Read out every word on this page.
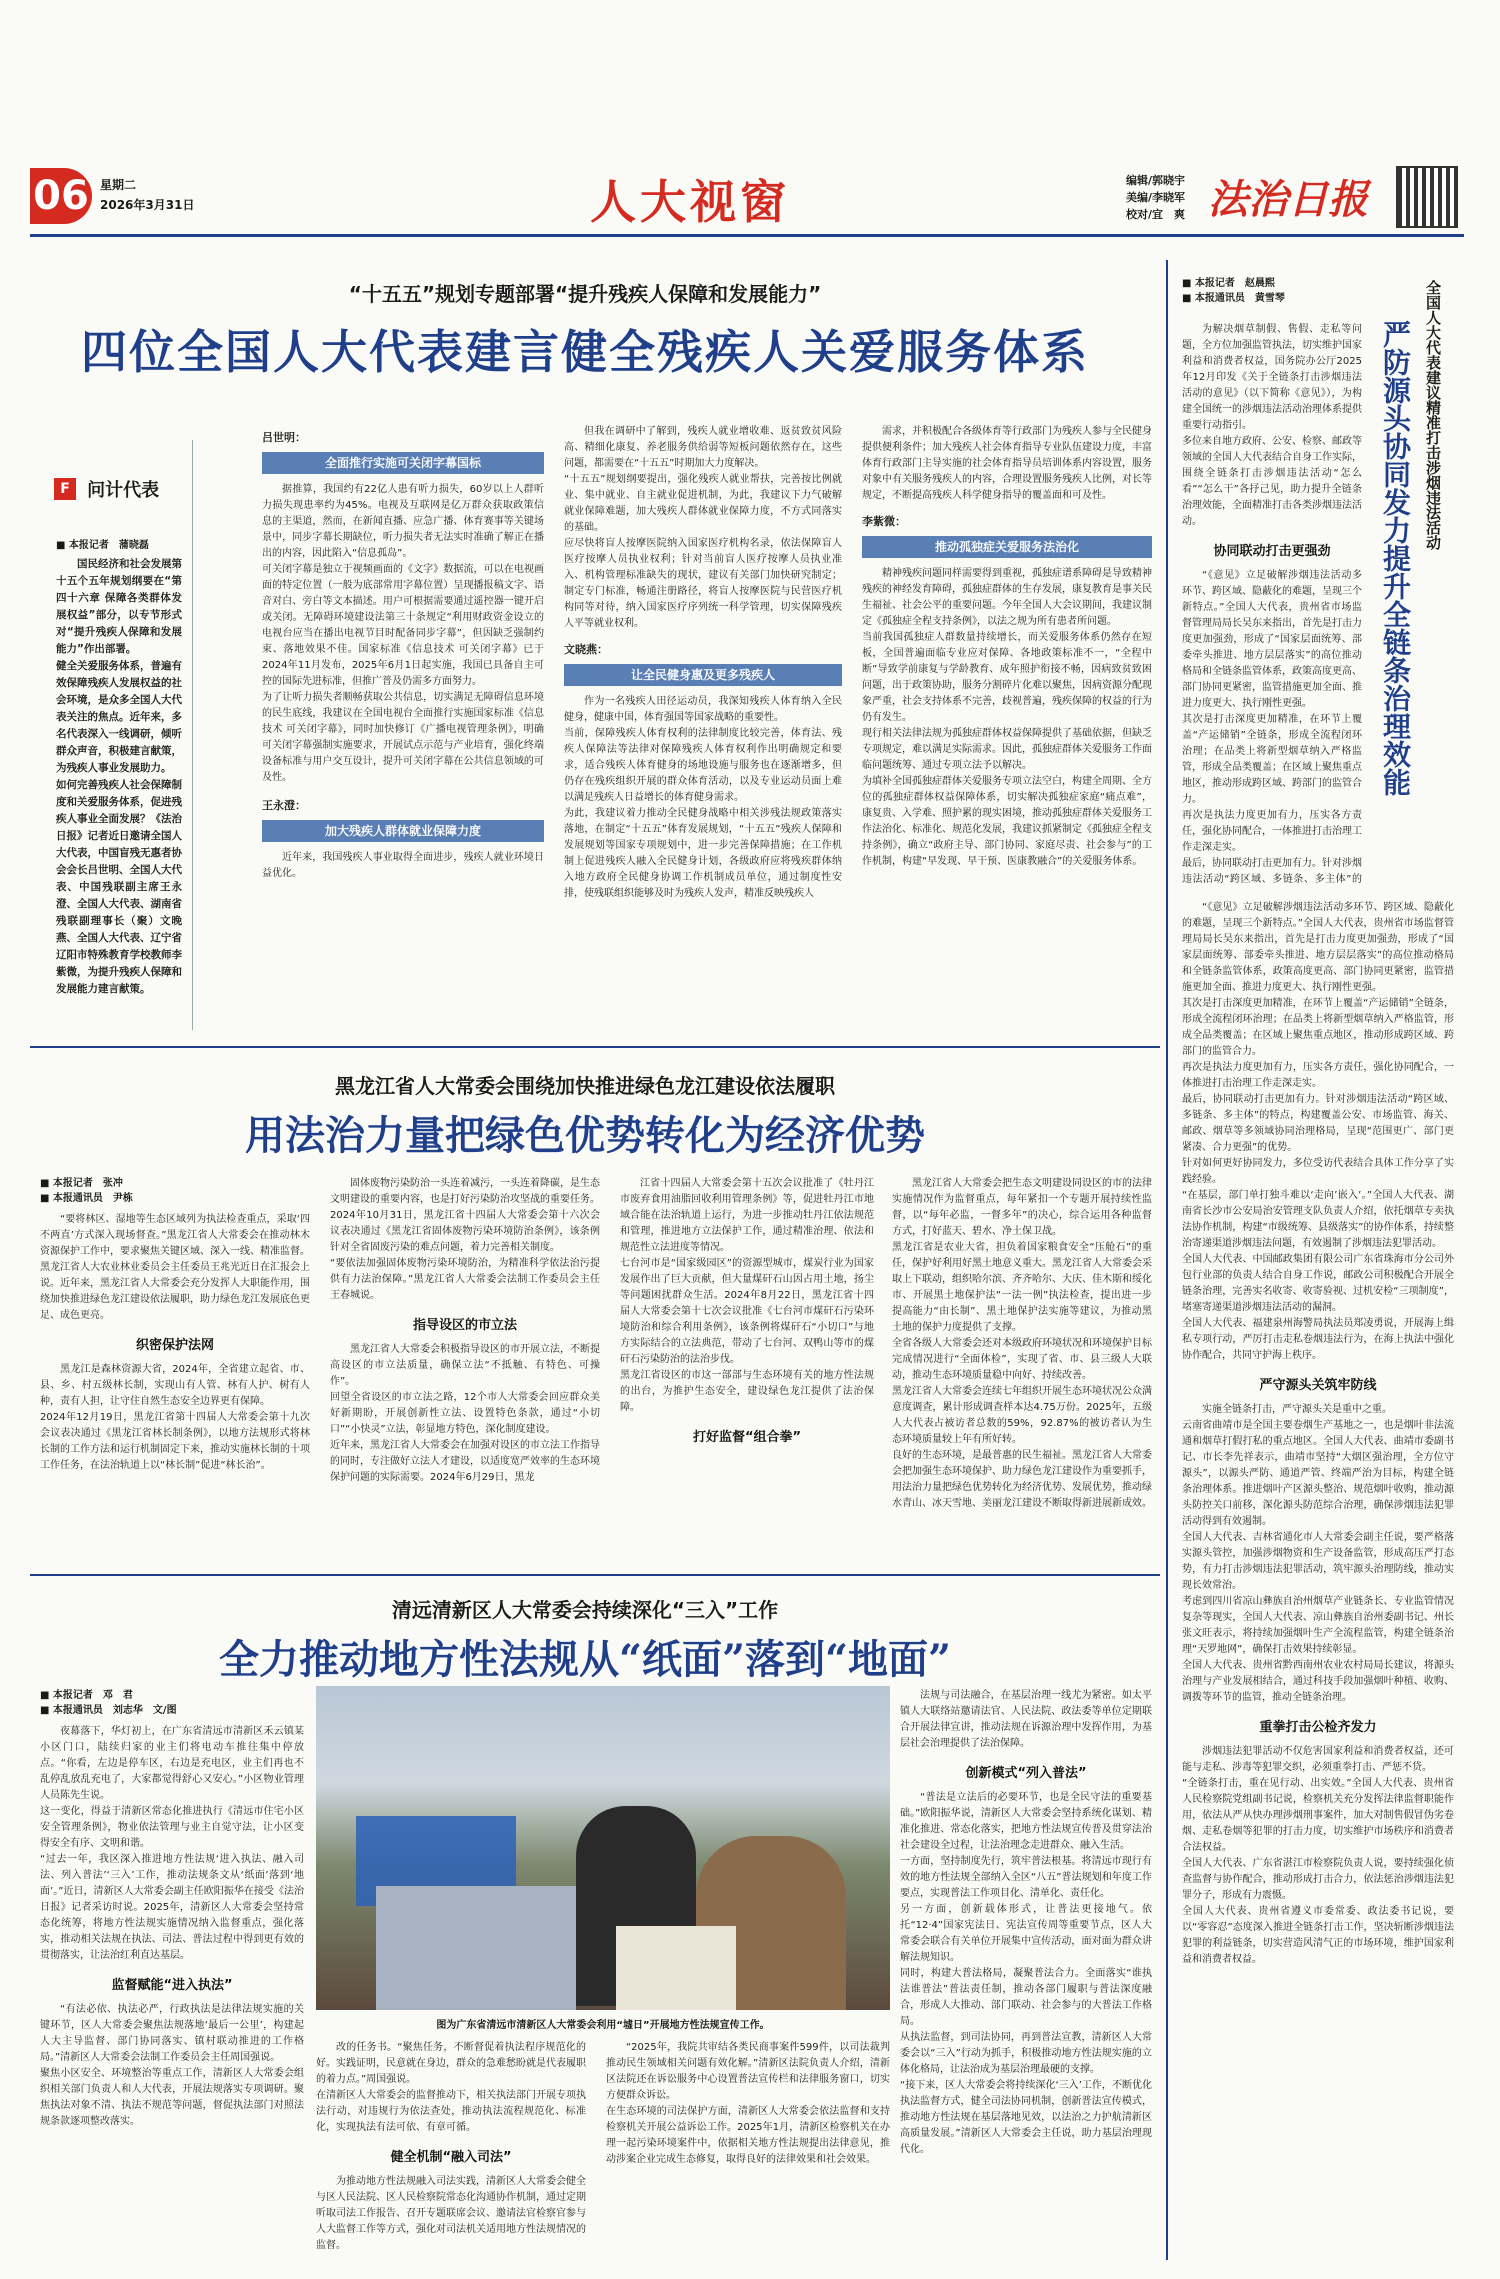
06 星期二
2026年3月31日	人大视窗	编辑/郭晓宇
美编/李晓军
校对/宜　爽 法治日报
“十五五”规划专题部署“提升残疾人保障和发展能力”
四位全国人大代表建言健全残疾人关爱服务体系
F 问计代表
■ 本报记者　蒲晓磊
国民经济和社会发展第十五个五年规划纲要在“第四十六章 保障各类群体发展权益”部分，以专节形式对“提升残疾人保障和发展能力”作出部署。
健全关爱服务体系，普遍有效保障残疾人发展权益的社会环境，是众多全国人大代表关注的焦点。近年来，多名代表深入一线调研，倾听群众声音，积极建言献策，为残疾人事业发展助力。
如何完善残疾人社会保障制度和关爱服务体系，促进残疾人事业全面发展？《法治日报》记者近日邀请全国人大代表，中国盲残无惠者协会会长吕世明、全国人大代表、中国残联副主席王永澄、全国人大代表、湖南省残联副理事长（聚）文晚燕、全国人大代表、辽宁省辽阳市特殊教育学校教师李紫微，为提升残疾人保障和发展能力建言献策。
吕世明：
全面推行实施可关闭字幕国标
据推算，我国约有22亿人患有听力损失，60岁以上人群听力损失现患率约为45%。电视及互联网是亿万群众获取政策信息的主渠道，然而，在新闻直播、应急广播、体育赛事等关键场景中，同步字幕长期缺位，听力损失者无法实时准确了解正在播出的内容，因此陷入“信息孤岛”。
可关闭字幕是独立于视频画面的《文字》数据流，可以在电视画面的特定位置（一般为底部常用字幕位置）呈现播报稿文字、语音对白、旁白等文本描述。用户可根据需要通过遥控器一键开启或关闭。无障碍环境建设法第三十条规定“利用财政资金设立的电视台应当在播出电视节目时配备同步字幕”，但因缺乏强制约束、落地效果不佳。国家标准《信息技术 可关闭字幕》已于2024年11月发布，2025年6月1日起实施，我国已具备自主可控的国际先进标准，但推广普及仍需多方面努力。
为了让听力损失者顺畅获取公共信息，切实满足无障碍信息环境的民生底线，我建议在全国电视台全面推行实施国家标准《信息技术 可关闭字幕》，同时加快修订《广播电视管理条例》，明确可关闭字幕强制实施要求，开展试点示范与产业培育，强化终端设备标准与用户交互设计，提升可关闭字幕在公共信息领域的可及性。
王永澄：
加大残疾人群体就业保障力度
近年来，我国残疾人事业取得全面进步，残疾人就业环境日益优化。
但我在调研中了解到，残疾人就业增收难、返贫致贫风险高、精细化康复、养老服务供给弱等短板问题依然存在，这些问题，都需要在“十五五”时期加大力度解决。
“十五五”规划纲要提出，强化残疾人就业帮扶，完善按比例就业、集中就业、自主就业促进机制，为此，我建议下力气破解就业保障难题，加大残疾人群体就业保障力度，不方式同落实的基础。
应尽快将盲人按摩医院纳入国家医疗机构名录，依法保障盲人医疗按摩人员执业权利；针对当前盲人医疗按摩人员执业准入、机构管理标准缺失的现状，建议有关部门加快研究制定；制定专门标准，畅通注册路径，将盲人按摩医院与民营医疗机构同等对待，纳入国家医疗序列统一科学管理，切实保障残疾人平等就业权利。
文晓燕：
让全民健身惠及更多残疾人
作为一名残疾人田径运动员，我深知残疾人体育纳入全民健身，健康中国，体育强国等国家战略的重要性。
当前，保障残疾人体育权利的法律制度比较完善，体育法、残疾人保障法等法律对保障残疾人体育权利作出明确规定和要求，适合残疾人体育健身的场地设施与服务也在逐渐增多，但仍存在残疾组织开展的群众体育活动，以及专业运动员面上难以满足残疾人日益增长的体育健身需求。
为此，我建议着力推动全民健身战略中相关涉残法规政策落实落地，在制定“十五五”体育发展规划，“十五五”残疾人保障和发展规划等国家专项规划中，进一步完善保障措施；在工作机制上促进残疾人融入全民健身计划，各级政府应将残疾群体纳入地方政府全民健身协调工作机制成员单位，通过制度性安排，使残联组织能够及时为残疾人发声，精准反映残疾人
需求，并积极配合各级体育等行政部门为残疾人参与全民健身提供便利条件；加大残疾人社会体育指导专业队伍建设力度，丰富体育行政部门主导实施的社会体育指导员培训体系内容设置，服务对象中有关服务残疾人的内容，合理设置服务残疾人比例，对长等规定，不断提高残疾人科学健身指导的覆盖面和可及性。
李紫微：
推动孤独症关爱服务法治化
精神残疾问题同样需要得到重视，孤独症谱系障碍是导致精神残疾的神经发育障碍，孤独症群体的生存发展，康复教育是事关民生福祉、社会公平的重要问题。今年全国人大会议期间，我建议制定《孤独症全程支持条例》，以法之规为所有患者所问题。
当前我国孤独症人群数量持续增长，而关爱服务体系仍然存在短板，全国普遍面临专业应对保障、各地政策标准不一，“全程中断”导致学前康复与学龄教育、成年照护衔接不畅，因病致贫致困问题，出于政策协助，服务分割碎片化难以聚焦，因病资源分配现象严重，社会支持体系不完善，歧视普遍，残疾保障的权益的行为仍有发生。
现行相关法律法规为孤独症群体权益保障提供了基础依据，但缺乏专项规定，难以满足实际需求。因此，孤独症群体关爱服务工作面临问题统筹、通过专项立法予以解决。
为填补全国孤独症群体关爱服务专项立法空白，构建全周期、全方位的孤独症群体权益保障体系，切实解决孤独症家庭“痛点难”，康复贵、入学难、照护累的现实困境，推动孤独症群体关爱服务工作法治化、标准化、规范化发展，我建议抓紧制定《孤独症全程支持条例》，确立“政府主导、部门协同、家庭尽责、社会参与”的工作机制，构建“早发现、早干预、医康教融合”的关爱服务体系。
黑龙江省人大常委会围绕加快推进绿色龙江建设依法履职
用法治力量把绿色优势转化为经济优势
■ 本报记者　张冲
■ 本报通讯员　尹栋
“要将林区、湿地等生态区域列为执法检查重点，采取‘四不两直’方式深入现场督查。”黑龙江省人大常委会在推动林木资源保护工作中，要求聚焦关键区域、深入一线、精准监督。黑龙江省人大农业林业委员会主任委员王兆光近日在汇报会上说。近年来，黑龙江省人大常委会充分发挥人大职能作用，围绕加快推进绿色龙江建设依法履职，助力绿色龙江发展底色更足、成色更亮。
织密保护法网
黑龙江是森林资源大省，2024年，全省建立起省、市、县、乡、村五级林长制，实现山有人管、林有人护、树有人种，责有人担，让守住自然生态安全边界更有保障。
2024年12月19日，黑龙江省第十四届人大常委会第十九次会议表决通过《黑龙江省林长制条例》，以地方法规形式将林长制的工作方法和运行机制固定下来，推动实施林长制的十项工作任务，在法治轨道上以“林长制”促进“林长治”。
固体废物污染防治一头连着减污，一头连着降碳，是生态文明建设的重要内容，也是打好污染防治攻坚战的重要任务。2024年10月31日，黑龙江省十四届人大常委会第十六次会议表决通过《黑龙江省固体废物污染环境防治条例》，该条例针对全省固废污染的难点问题，着力完善相关制度。
“要依法加强固体废物污染环境防治，为精准科学依法治污提供有力法治保障。”黑龙江省人大常委会法制工作委员会主任王春城说。
指导设区的市立法
黑龙江省人大常委会积极指导设区的市开展立法，不断提高设区的市立法质量，确保立法“不抵触、有特色、可操作”。
回望全省设区的市立法之路，12个市人大常委会回应群众美好新期盼，开展创新性立法、设置特色条款，通过“小切口”“小快灵”立法，彰显地方特色，深化制度建设。
近年来，黑龙江省人大常委会在加强对设区的市立法工作指导的同时，专注做好立法人才建设，以适度宽严效率的生态环境保护问题的实际需要。2024年6月29日，黑龙
江省十四届人大常委会第十五次会议批准了《牡丹江市废弃食用油脂回收利用管理条例》等，促进牡丹江市地域合能在法治轨道上运行，为进一步推动牡丹江依法规范和管理，推进地方立法保护工作，通过精准治理、依法和规范性立法进度等情况。
七台河市是“国家级园区”的资源型城市，煤炭行业为国家发展作出了巨大贡献，但大量煤矸石山因占用土地，扬尘等问题困扰群众生活。2024年8月22日，黑龙江省十四届人大常委会第十七次会议批准《七台河市煤矸石污染环境防治和综合利用条例》，该条例将煤矸石“小切口”与地方实际结合的立法典范，带动了七台河、双鸭山等市的煤矸石污染防治的法治步伐。
黑龙江省设区的市这一部部与生态环境有关的地方性法规的出台，为推护生态安全，建设绿色龙江提供了法治保障。
打好监督“组合拳”
黑龙江省人大常委会把生态文明建设同设区的市的法律实施情况作为监督重点，每年紧扣一个专题开展持续性监督，以“每年必监，一督多年”的决心，综合运用各种监督方式，打好蓝天、碧水、净土保卫战。
黑龙江省是农业大省，担负着国家粮食安全“压舱石”的重任，保护好利用好黑土地意义重大。黑龙江省人大常委会采取上下联动，组织哈尔滨、齐齐哈尔、大庆、佳木斯和绥化市、开展黑土地保护法“一法一例”执法检查，提出进一步提高能力“由长制”、黑土地保护法实施等建议，为推动黑土地的保护力度提供了支撑。
全省各级人大常委会还对本级政府环境状况和环境保护目标完成情况进行“全面体检”，实现了省、市、县三级人大联动，推动生态环境质量稳中向好、持续改善。
黑龙江省人大常委会连续七年组织开展生态环境状况公众满意度调查，累计形成调查样本达4.75万份。2025年，五级人大代表占被访者总数的59%，92.87%的被访者认为生态环境质量较上年有所好转。
良好的生态环境，是最普惠的民生福祉。黑龙江省人大常委会把加强生态环境保护、助力绿色龙江建设作为重要抓手，用法治力量把绿色优势转化为经济优势、发展优势，推动绿水青山、冰天雪地、美丽龙江建设不断取得新进展新成效。
清远清新区人大常委会持续深化“三入”工作
全力推动地方性法规从“纸面”落到“地面”
■ 本报记者　邓　君
■ 本报通讯员　刘志华　文/图
夜幕落下，华灯初上，在广东省清远市清新区禾云镇某小区门口，陆续归家的业主们将电动车推往集中停放点。“你看，左边是停车区，右边是充电区，业主们再也不乱停乱放乱充电了，大家都觉得舒心又安心。”小区物业管理人员陈先生说。
这一变化，得益于清新区常态化推进执行《清远市住宅小区安全管理条例》，物业依法管理与业主自觉守法，让小区变得安全有序、文明和谐。
“过去一年，我区深入推进地方性法规‘进入执法、融入司法、列入普法’‘三入’工作，推动法规条文从‘纸面’落到‘地面’。”近日，清新区人大常委会副主任欧阳振华在接受《法治日报》记者采访时说。2025年，清新区人大常委会坚持常态化统筹，将地方性法规实施情况纳入监督重点，强化落实，推动相关法规在执法、司法、普法过程中得到更有效的贯彻落实，让法治红利直达基层。
监督赋能“进入执法”
“有法必依、执法必严，行政执法是法律法规实施的关键环节，区人大常委会聚焦法规落地‘最后一公里’，构建起人大主导监督、部门协同落实、镇村联动推进的工作格局。”清新区人大常委会法制工作委员会主任周国强说。
聚焦小区安全、环境整治等重点工作，清新区人大常委会组织相关部门负责人和人大代表，开展法规落实专项调研。聚焦执法对象不清、执法不规范等问题，督促执法部门对照法规条款逐项整改落实。
图为广东省清远市清新区人大常委会利用“墟日”开展地方性法规宣传工作。
改的任务书。“聚焦任务，不断督促着执法程序规范化的好。实践证明，民意就在身边，群众的急难愁盼就是代表履职的着力点。”周国强说。
在清新区人大常委会的监督推动下，相关执法部门开展专项执法行动，对违规行为依法查处，推动执法流程规范化、标准化，实现执法有法可依、有章可循。
健全机制“融入司法”
为推动地方性法规融入司法实践，清新区人大常委会健全与区人民法院、区人民检察院常态化沟通协作机制，通过定期听取司法工作报告、召开专题联席会议、邀请法官检察官参与人大监督工作等方式，强化对司法机关适用地方性法规情况的监督。
“2025年，我院共审结各类民商事案件599件，以司法裁判推动民生领域相关问题有效化解。”清新区法院负责人介绍，清新区法院还在诉讼服务中心设置普法宣传栏和法律服务窗口，切实方便群众诉讼。
在生态环境的司法保护方面，清新区人大常委会依法监督和支持检察机关开展公益诉讼工作。2025年1月，清新区检察机关在办理一起污染环境案件中，依据相关地方性法规提出法律意见，推动涉案企业完成生态修复，取得良好的法律效果和社会效果。
法规与司法融合，在基层治理一线尤为紧密。如太平镇人大联络站邀请法官、人民法院、政法委等单位定期联合开展法律宣讲，推动法规在诉源治理中发挥作用，为基层社会治理提供了法治保障。
创新模式“列入普法”
“普法是立法后的必要环节，也是全民守法的重要基础。”欧阳振华说，清新区人大常委会坚持系统化谋划、精准化推进、常态化落实，把地方性法规宣传普及贯穿法治社会建设全过程，让法治理念走进群众、融入生活。
一方面，坚持制度先行，筑牢普法根基。将清远市现行有效的地方性法规全部纳入全区“八五”普法规划和年度工作要点，实现普法工作项目化、清单化、责任化。
另一方面，创新载体形式，让普法更接地气。依托“12·4”国家宪法日、宪法宣传周等重要节点，区人大常委会联合有关单位开展集中宣传活动，面对面为群众讲解法规知识。
同时，构建大普法格局，凝聚普法合力。全面落实“谁执法谁普法”普法责任制，推动各部门履职与普法深度融合，形成人大推动、部门联动、社会参与的大普法工作格局。
从执法监督，到司法协同，再到普法宣教，清新区人大常委会以“三入”行动为抓手，积极推动地方性法规实施的立体化格局，让法治成为基层治理最硬的支撑。
“接下来，区人大常委会将持续深化‘三入’工作，不断优化执法监督方式，健全司法协同机制，创新普法宣传模式，推动地方性法规在基层落地见效，以法治之力护航清新区高质量发展。”清新区人大常委会主任说，助力基层治理现代化。
■ 本报记者　赵晨熙
■ 本报通讯员　黄雪琴	全国人大代表建议精准打击涉烟违法活动
严防源头协同发力提升全链条治理效能
为解决烟草制假、售假、走私等问题，全方位加强监管执法，切实维护国家利益和消费者权益，国务院办公厅2025年12月印发《关于全链条打击涉烟违法活动的意见》（以下简称《意见》），为构建全国统一的涉烟违法活动治理体系提供重要行动指引。
多位来自地方政府、公安、检察、邮政等领域的全国人大代表结合自身工作实际，围绕全链条打击涉烟违法活动“怎么看”“怎么干”各抒己见，助力提升全链条治理效能，全面精准打击各类涉烟违法活动。
协同联动打击更强劲
“《意见》立足破解涉烟违法活动多环节、跨区域、隐蔽化的难题，呈现三个新特点。”全国人大代表，贵州省市场监督管理局局长吴东来指出，首先是打击力度更加强劲，形成了“国家层面统筹、部委牵头推进、地方层层落实”的高位推动格局和全链条监管体系，政策高度更高、部门协同更紧密，监管措施更加全面、推进力度更大、执行刚性更强。
其次是打击深度更加精准，在环节上覆盖“产运储销”全链条，形成全流程闭环治理；在品类上将新型烟草纳入严格监管，形成全品类覆盖；在区域上聚焦重点地区，推动形成跨区域、跨部门的监管合力。
再次是执法力度更加有力，压实各方责任，强化协同配合，一体推进打击治理工作走深走实。
最后，协同联动打击更加有力。针对涉烟违法活动“跨区域、多链条、多主体”的

“《意见》立足破解涉烟违法活动多环节、跨区域、隐蔽化的难题，呈现三个新特点。”全国人大代表，贵州省市场监督管理局局长吴东来指出，首先是打击力度更加强劲，形成了“国家层面统筹、部委牵头推进、地方层层落实”的高位推动格局和全链条监管体系，政策高度更高、部门协同更紧密，监管措施更加全面、推进力度更大、执行刚性更强。
其次是打击深度更加精准，在环节上覆盖“产运储销”全链条，形成全流程闭环治理；在品类上将新型烟草纳入严格监管，形成全品类覆盖；在区域上聚焦重点地区，推动形成跨区域、跨部门的监管合力。
再次是执法力度更加有力，压实各方责任，强化协同配合，一体推进打击治理工作走深走实。
最后，协同联动打击更加有力。针对涉烟违法活动“跨区域、多链条、多主体”的特点，构建覆盖公安、市场监管、海关、邮政、烟草等多领域协同治理格局，呈现“范围更广、部门更紧凑、合力更强”的优势。
针对如何更好协同发力，多位受访代表结合具体工作分享了实践经验。
“在基层，部门单打独斗难以‘走向’嵌入’。”全国人大代表、湖南省长沙市公安局治安管理支队负责人介绍，依托烟草专卖执法协作机制，构建“市级统筹、县级落实”的协作体系，持续整治寄递渠道涉烟违法问题，有效遏制了涉烟违法犯罪活动。
全国人大代表、中国邮政集团有限公司广东省珠海市分公司外包行业部的负责人结合自身工作说，邮政公司积极配合开展全链条治理，完善实名收寄、收寄验视、过机安检“三项制度”，堵塞寄递渠道涉烟违法活动的漏洞。
全国人大代表、福建泉州海警局执法员郑凌勇说，开展海上缉私专项行动，严厉打击走私卷烟违法行为，在海上执法中强化协作配合，共同守护海上秩序。
严守源头关筑牢防线
实施全链条打击，严守源头关是重中之重。
云南省曲靖市是全国主要卷烟生产基地之一，也是烟叶非法流通和烟草打假打私的重点地区。全国人大代表、曲靖市委副书记、市长李先祥表示，曲靖市坚持“大烟区强治理，全方位守源头”，以源头严防、通道严管、终端严治为目标，构建全链条治理体系。推进烟叶产区源头整治、规范烟叶收购，推动源头防控关口前移，深化源头防范综合治理，确保涉烟违法犯罪活动得到有效遏制。
全国人大代表、吉林省通化市人大常委会副主任说，要严格落实源头管控，加强涉烟物资和生产设备监管，形成高压严打态势，有力打击涉烟违法犯罪活动，筑牢源头治理防线，推动实现长效常治。
考虑到四川省凉山彝族自治州烟草产业链条长、专业监管情况复杂等现实，全国人大代表、凉山彝族自治州委副书记、州长张文旺表示，将持续加强烟叶生产全流程监管，构建全链条治理“天罗地网”，确保打击效果持续彰显。
全国人大代表、贵州省黔西南州农业农村局局长建议，将源头治理与产业发展相结合，通过科技手段加强烟叶种植、收购、调拨等环节的监管，推动全链条治理。
重拳打击公检齐发力
涉烟违法犯罪活动不仅危害国家利益和消费者权益，还可能与走私、涉毒等犯罪交织，必须重拳打击、严惩不贷。
“全链条打击，重在见行动、出实效。”全国人大代表、贵州省人民检察院党组副书记说，检察机关充分发挥法律监督职能作用，依法从严从快办理涉烟刑事案件，加大对制售假冒伪劣卷烟、走私卷烟等犯罪的打击力度，切实维护市场秩序和消费者合法权益。
全国人大代表、广东省湛江市检察院负责人说，要持续强化侦查监督与协作配合，推动形成打击合力，依法惩治涉烟违法犯罪分子，形成有力震慑。
全国人大代表、贵州省遵义市委常委、政法委书记说，要以“零容忍”态度深入推进全链条打击工作，坚决斩断涉烟违法犯罪的利益链条，切实营造风清气正的市场环境，维护国家利益和消费者权益。
